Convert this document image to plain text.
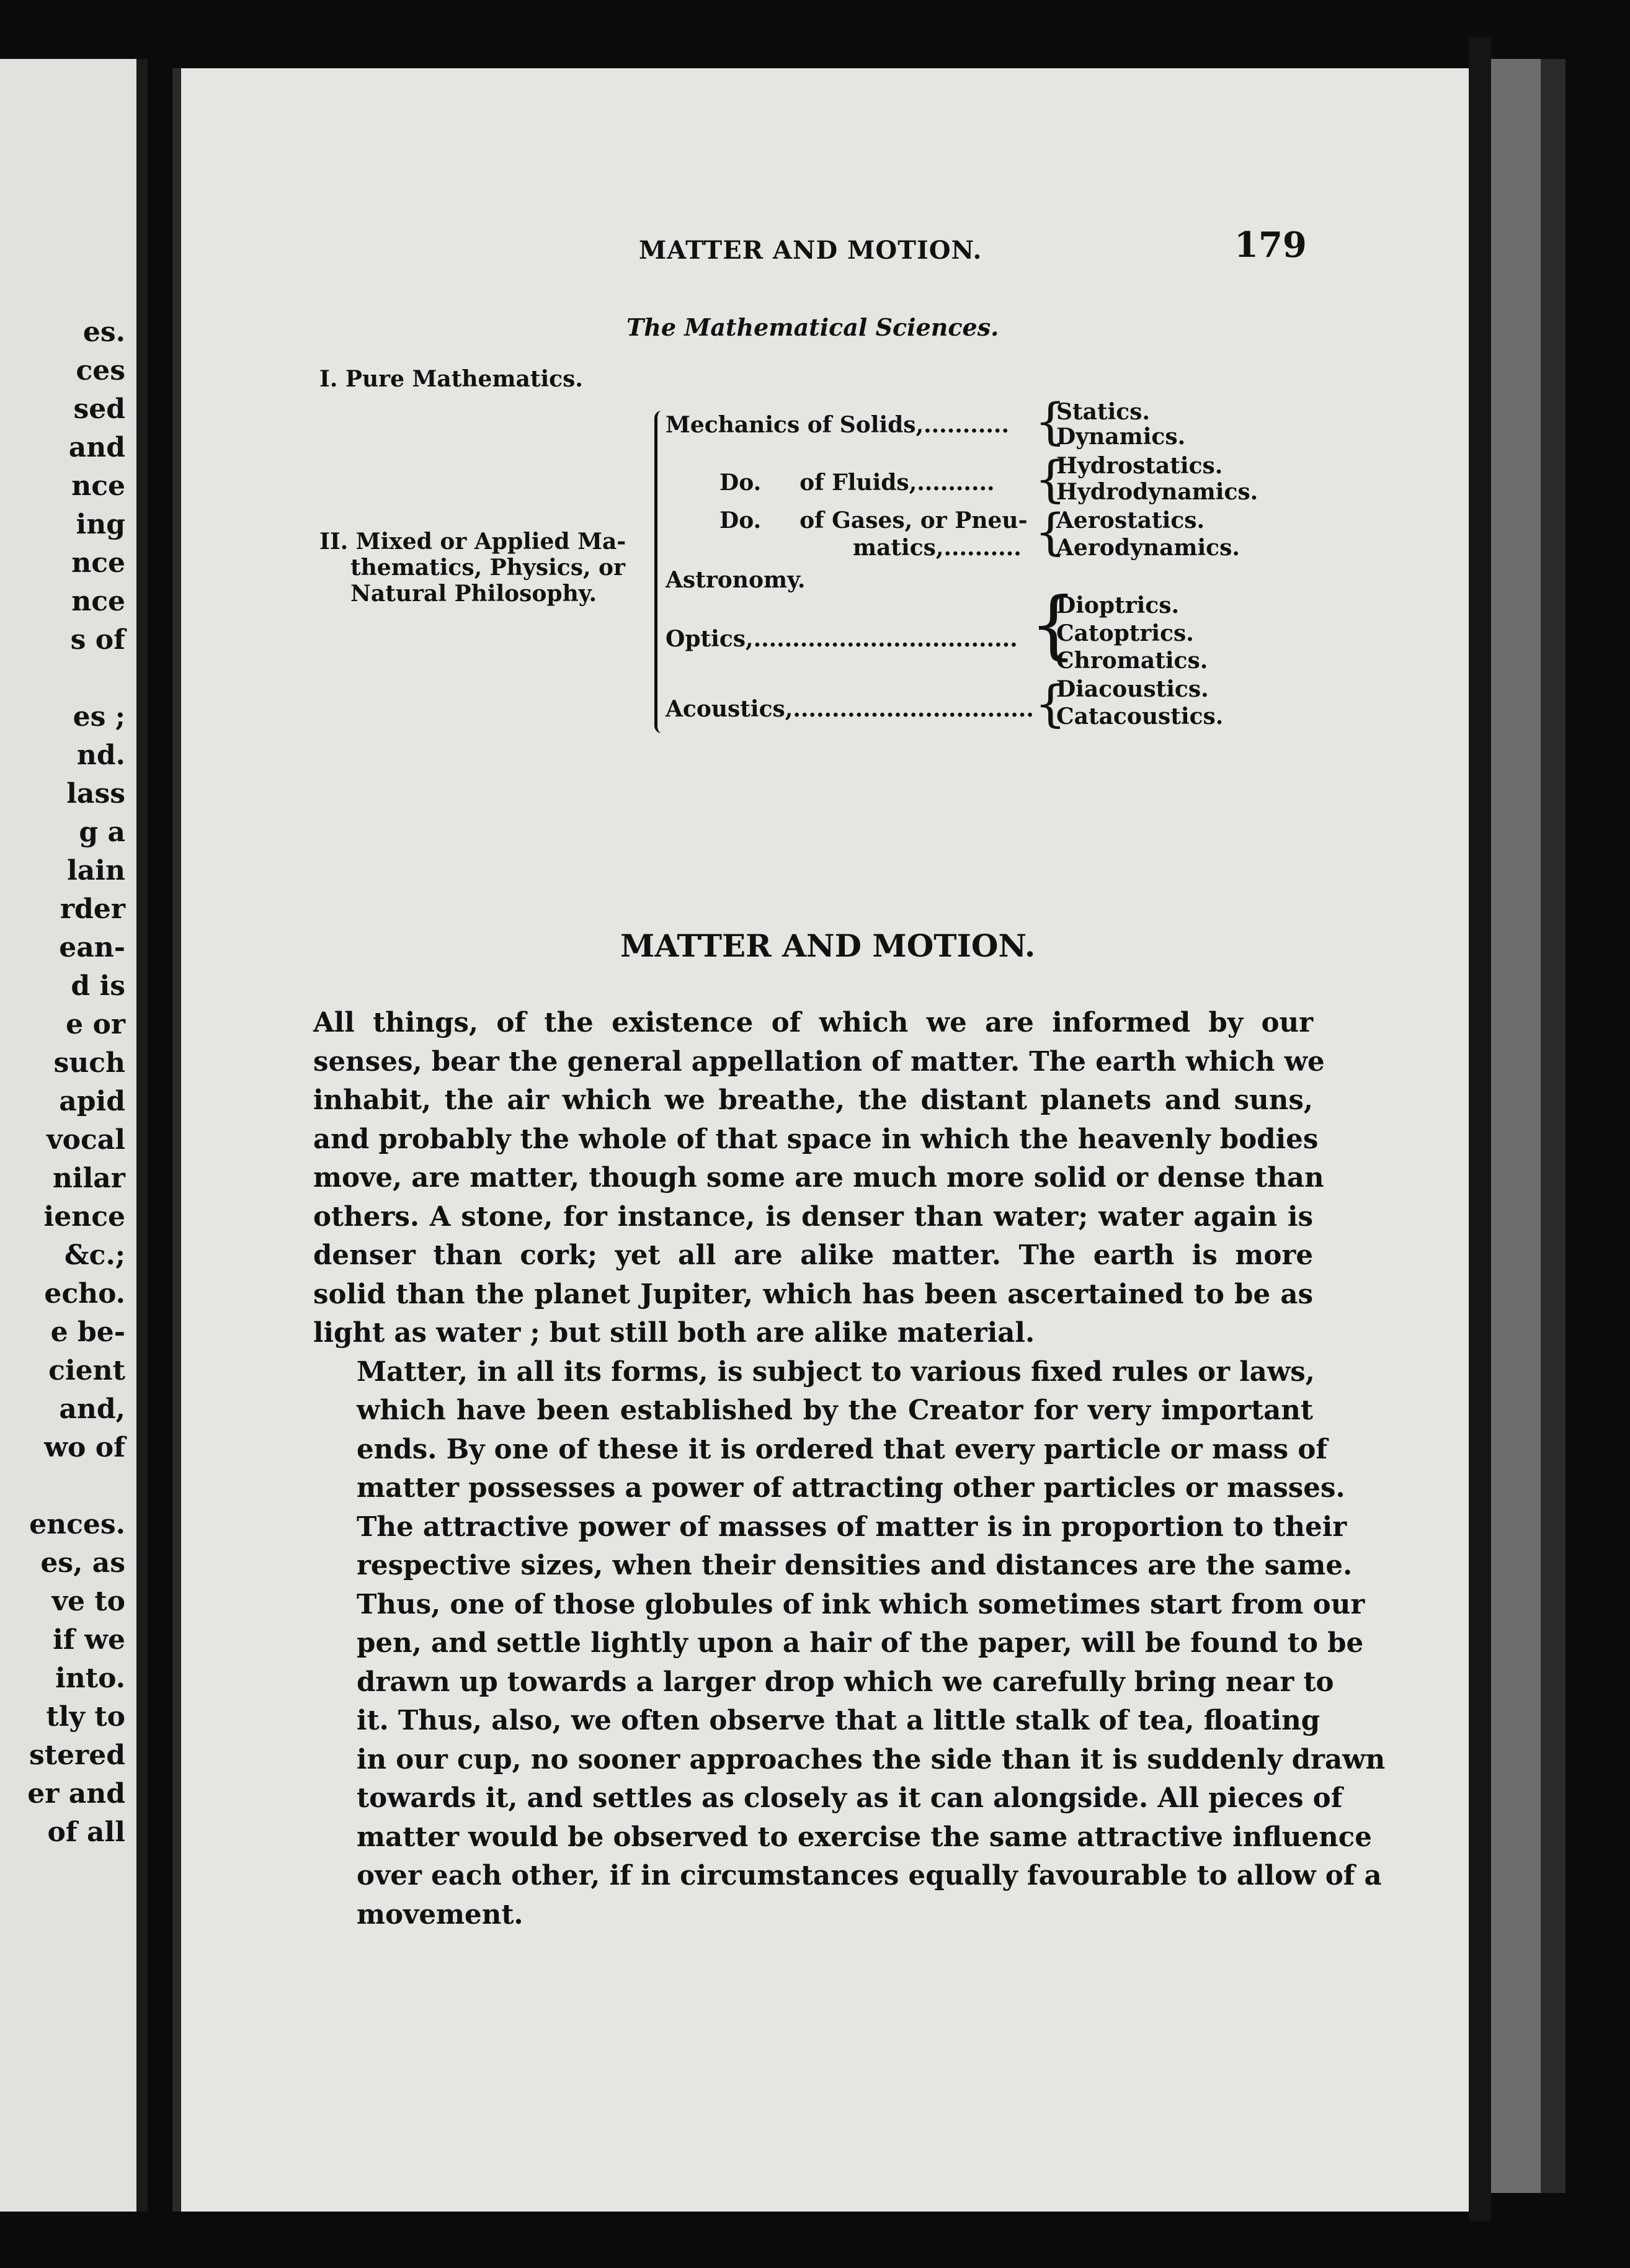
es.
ces
sed
and
nce
ing
nce
nce
s of

es ;
nd.
lass
g a
lain
rder
ean-
d is
e or
such
apid
vocal
nilar
ience
&c.;
echo.
e be-
cient
and,
wo of

ences.
es, as
ve to
if we
into.
tly to
stered
er and
of all
MATTER AND MOTION.	179
The Mathematical Sciences.
I. Pure Mathematics.
II. Mixed or Applied Ma-
thematics, Physics, or
Natural Philosophy.
Mechanics of Solids,........... {
Statics.
Dynamics.
Do. of Fluids,.......... {
Hydrostatics.
Hydrodynamics.
Do. of Gases, or Pneu-
matics,.......... {
Aerostatics.
Aerodynamics.
Astronomy.
Optics,.................................. {
Dioptrics.
Catoptrics.
Chromatics.
Acoustics,............................... {
Diacoustics.
Catacoustics.
MATTER AND MOTION.

All things, of the existence of which we are informed by our
senses, bear the general appellation of matter. The earth which we
inhabit, the air which we breathe, the distant planets and suns,
and probably the whole of that space in which the heavenly bodies
move, are matter, though some are much more solid or dense than
others. A stone, for instance, is denser than water; water again is
denser than cork; yet all are alike matter. The earth is more
solid than the planet Jupiter, which has been ascertained to be as
light as water ; but still both are alike material.

Matter, in all its forms, is subject to various fixed rules or laws,
which have been established by the Creator for very important
ends. By one of these it is ordered that every particle or mass of
matter possesses a power of attracting other particles or masses.
The attractive power of masses of matter is in proportion to their
respective sizes, when their densities and distances are the same.
Thus, one of those globules of ink which sometimes start from our
pen, and settle lightly upon a hair of the paper, will be found to be
drawn up towards a larger drop which we carefully bring near to
it. Thus, also, we often observe that a little stalk of tea, floating
in our cup, no sooner approaches the side than it is suddenly drawn
towards it, and settles as closely as it can alongside. All pieces of
matter would be observed to exercise the same attractive influence
over each other, if in circumstances equally favourable to allow of a
movement.
